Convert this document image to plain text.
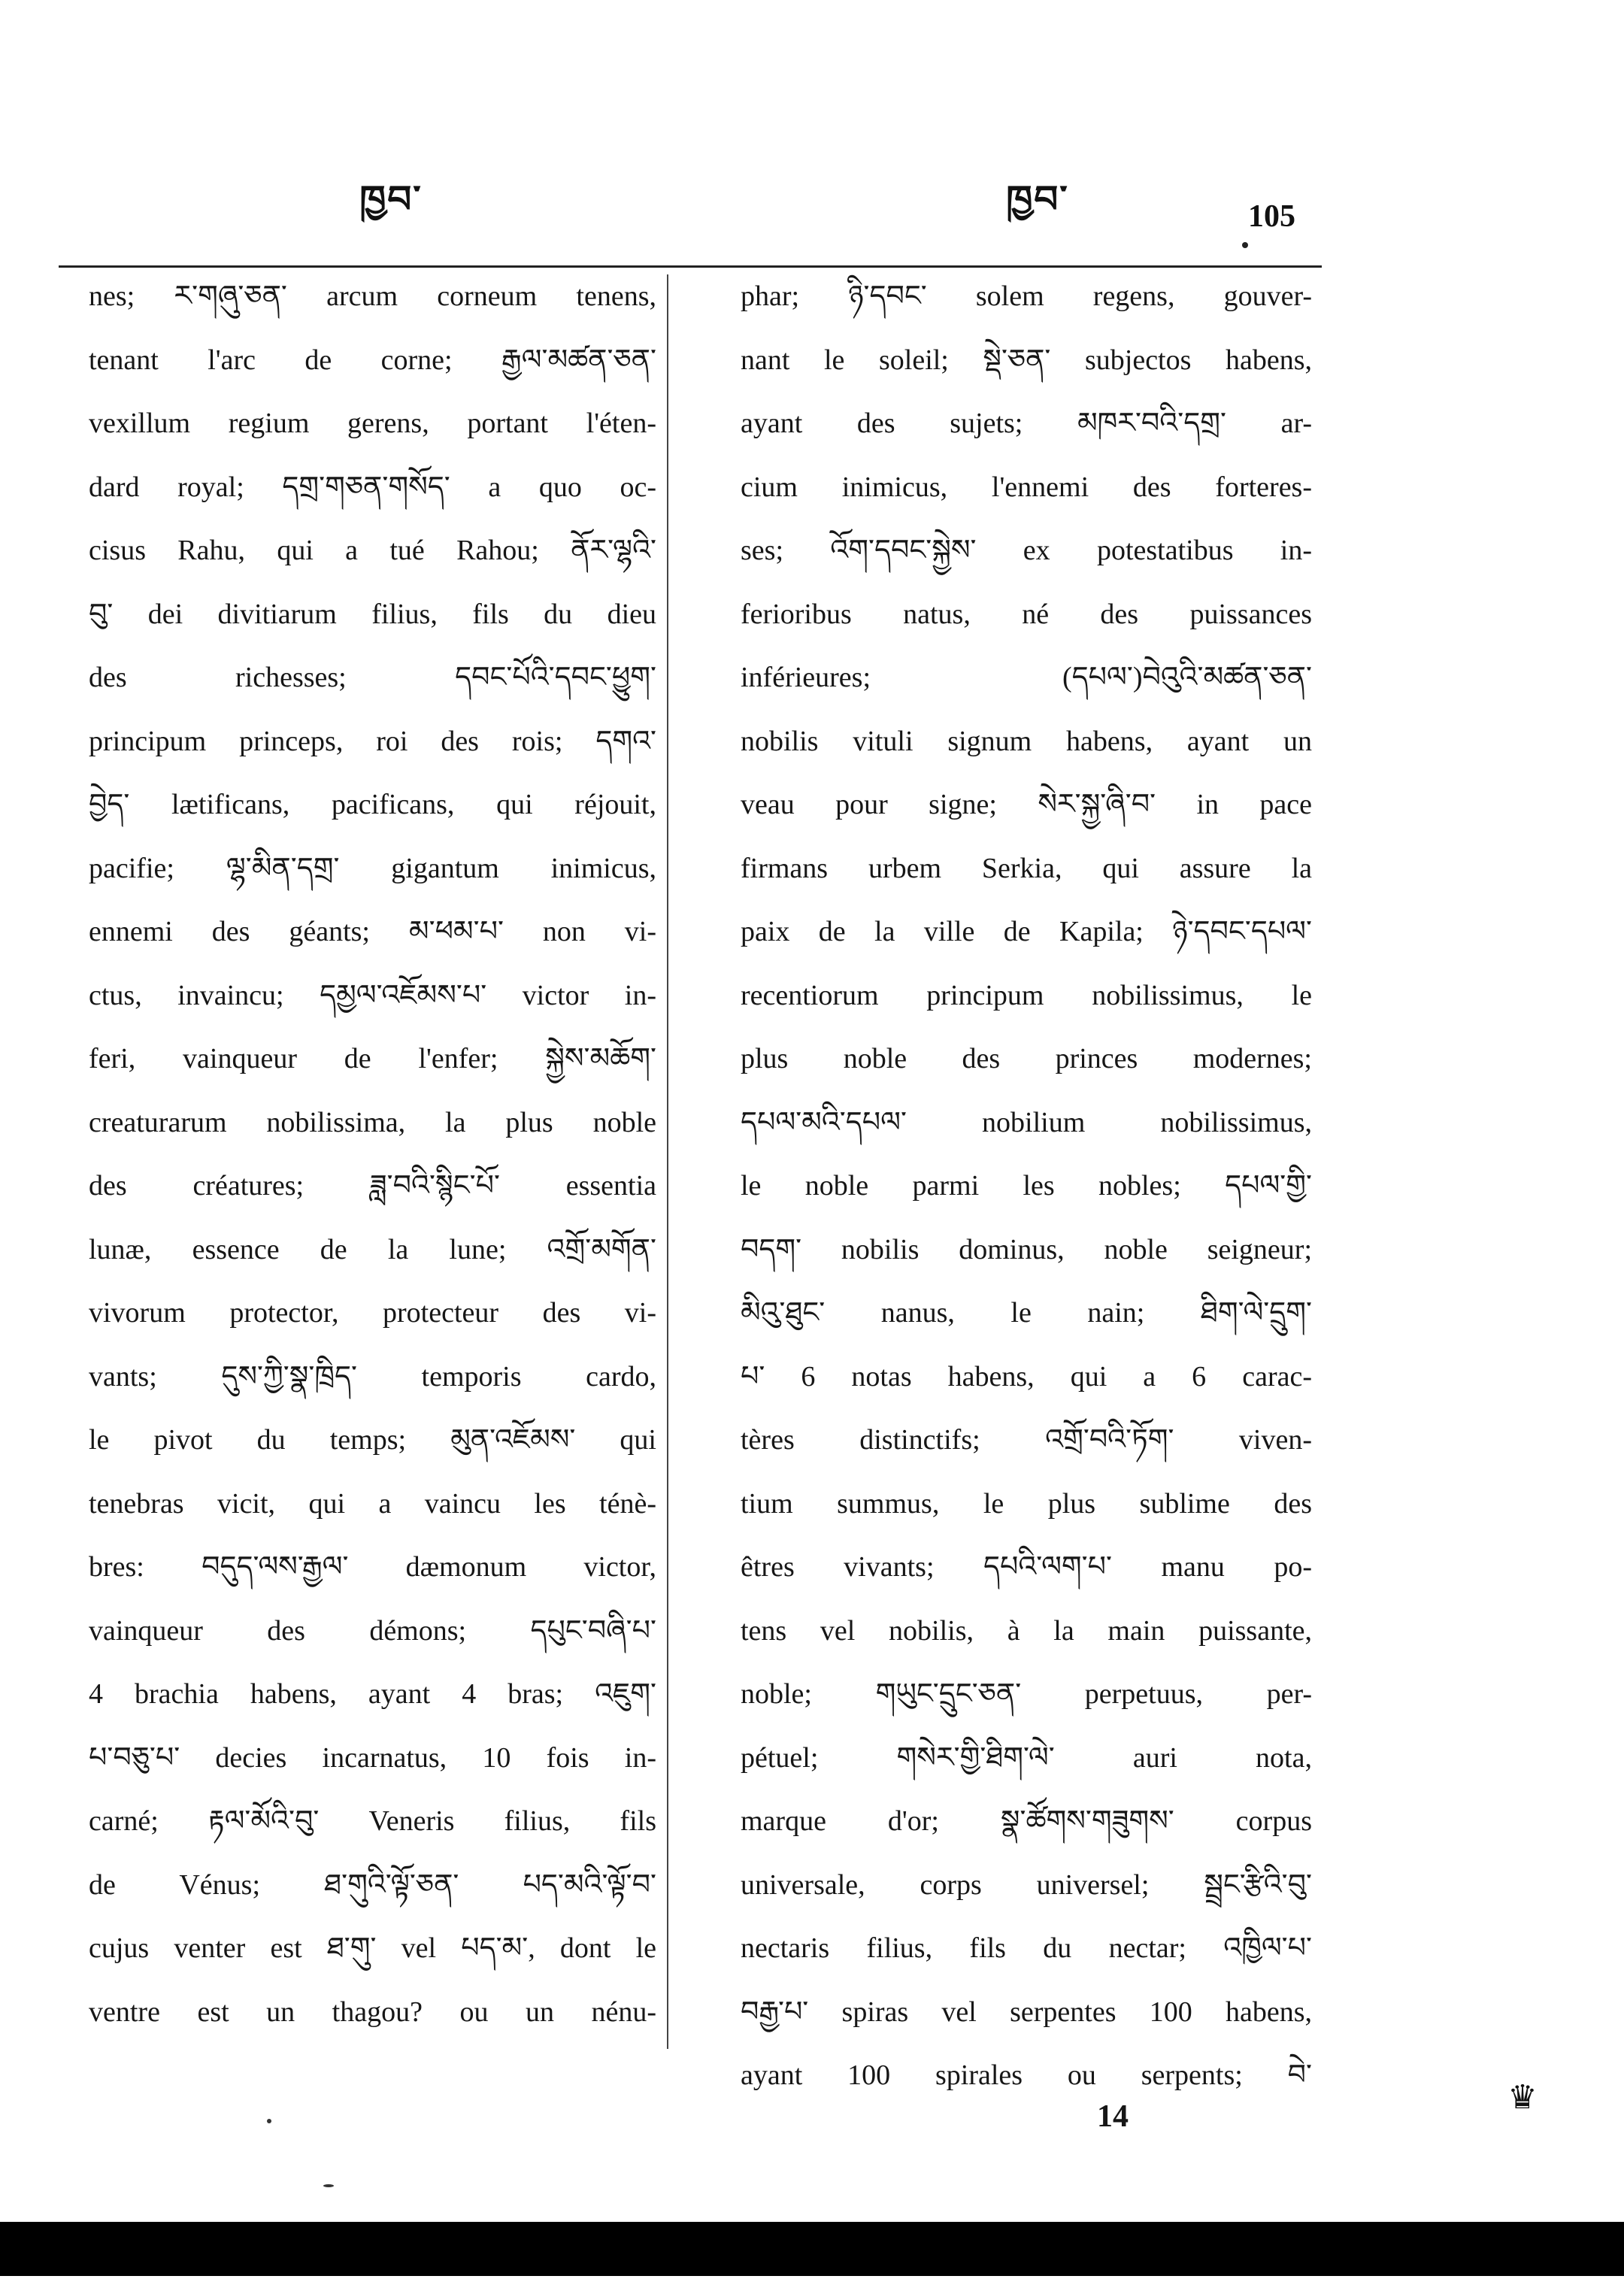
ཁྱབ་	ཁྱབ་	105
nes; ར་གཞུ་ཅན་ arcum corneum tenens,
tenant l'arc de corne; རྒྱལ་མཚན་ཅན་
vexillum regium gerens, portant l'éten-
dard royal; དགྲ་གཅན་གསོད་ a quo oc-
cisus Rahu, qui a tué Rahou; ནོར་ལྷའི་
བུ་ dei divitiarum filius, fils du dieu
des richesses; དབང་པོའི་དབང་ཕྱུག་
principum princeps, roi des rois; དགའ་
བྱེད་ lætificans, pacificans, qui réjouit,
pacifie; ལྷ་མིན་དགྲ་ gigantum inimicus,
ennemi des géants; མ་ཕམ་པ་ non vi-
ctus, invaincu; དམྱལ་འཇོམས་པ་ victor in-
feri, vainqueur de l'enfer; སྐྱེས་མཆོག་
creaturarum nobilissima, la plus noble
des créatures; ཟླ་བའི་སྙིང་པོ་ essentia
lunæ, essence de la lune; འགྲོ་མགོན་
vivorum protector, protecteur des vi-
vants; དུས་ཀྱི་སྣ་ཁྲིད་ temporis cardo,
le pivot du temps; མུན་འཇོམས་ qui
tenebras vicit, qui a vaincu les ténè-
bres: བདུད་ལས་རྒྱལ་ dæmonum victor,
vainqueur des démons; དཔུང་བཞི་པ་
4 brachia habens, ayant 4 bras; འཇུག་
པ་བཅུ་པ་ decies incarnatus, 10 fois in-
carné; རྟལ་མོའི་བུ་ Veneris filius, fils
de Vénus; ཐ་གུའི་ལྟོ་ཅན་ པད་མའི་ལྟོ་བ་
cujus venter est ཐ་གུ་ vel པད་མ་, dont le
ventre est un thagou? ou un nénu-
phar; ཉི་དབང་ solem regens, gouver-
nant le soleil; སྡེ་ཅན་ subjectos habens,
ayant des sujets; མཁར་བའི་དགྲ་ ar-
cium inimicus, l'ennemi des forteres-
ses; འོག་དབང་སྐྱེས་ ex potestatibus in-
ferioribus natus, né des puissances
inférieures; (དཔལ་)བེའུའི་མཚན་ཅན་
nobilis vituli signum habens, ayant un
veau pour signe; སེར་སྐྱ་ཞི་བ་ in pace
firmans urbem Serkia, qui assure la
paix de la ville de Kapila; ཉེ་དབང་དཔལ་
recentiorum principum nobilissimus, le
plus noble des princes modernes;
དཔལ་མའི་དཔལ་ nobilium nobilissimus,
le noble parmi les nobles; དཔལ་གྱི་
བདག་ nobilis dominus, noble seigneur;
མིའུ་ཐུང་ nanus, le nain; ཐིག་ལེ་དྲུག་
པ་ 6 notas habens, qui a 6 carac-
tères distinctifs; འགྲོ་བའི་ཏོག་ viven-
tium summus, le plus sublime des
êtres vivants; དཔའི་ལག་པ་ manu po-
tens vel nobilis, à la main puissante,
noble; གཡུང་དྲུང་ཅན་ perpetuus, per-
pétuel; གསེར་གྱི་ཐིག་ལེ་ auri nota,
marque d'or; སྣ་ཚོགས་གཟུགས་ corpus
universale, corps universel; སྦྲང་རྩིའི་བུ་
nectaris filius, fils du nectar; འཁྱིལ་པ་
བརྒྱ་པ་ spiras vel serpentes 100 habens,
ayant 100 spirales ou serpents; བེ་
14
♛
